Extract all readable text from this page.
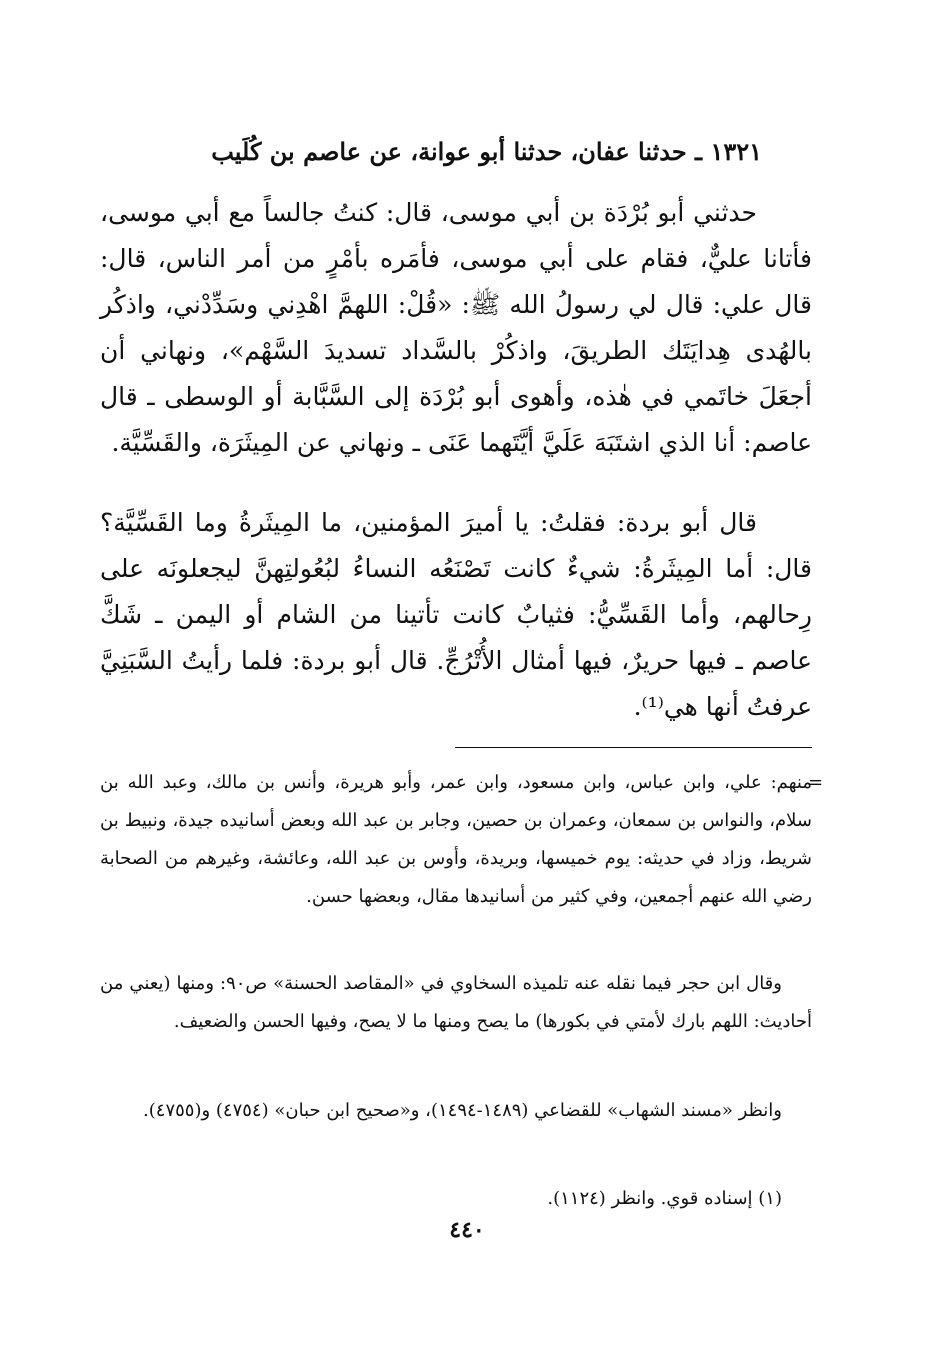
١٣٢١ ـ حدثنا عفان، حدثنا أبو عوانة، عن عاصم بن كُلَيب
حدثني أبو بُرْدَة بن أبي موسى، قال: كنتُ جالساً مع أبي موسى، فأتانا عليٌّ، فقام على أبي موسى، فأمَره بأمْرٍ من أمر الناس، قال: قال علي: قال لي رسولُ الله ﷺ: «قُلْ: اللهمَّ اهْدِني وسَدِّدْني، واذكُر بالهُدى هِدايَتَك الطريقَ، واذكُرْ بالسَّداد تسديدَ السَّهْم»، ونهاني أن أجعَلَ خاتَمي في هٰذه، وأهوى أبو بُرْدَة إلى السَّبَّابة أو الوسطى ـ قال عاصم: أنا الذي اشتَبَهَ عَلَيَّ أيَّتَهما عَنَى ـ ونهاني عن المِيثَرَة، والقَسِّيَّة.
قال أبو بردة: فقلتُ: يا أميرَ المؤمنين، ما المِيثَرةُ وما القَسِّيَّة؟ قال: أما المِيثَرةُ: شيءٌ كانت تَصْنَعُه النساءُ لبُعُولتِهنَّ ليجعلونَه على رِحالهم، وأما القَسِّيُّ: فثيابٌ كانت تأتينا من الشام أو اليمن ـ شَكَّ عاصم ـ فيها حريرٌ، فيها أمثال الأُتْرُجِّ. قال أبو بردة: فلما رأيتُ السَّبَنِيَّ عرفتُ أنها هي⁽¹⁾.
=
منهم: علي، وابن عباس، وابن مسعود، وابن عمر، وأبو هريرة، وأنس بن مالك، وعبد الله بن سلام، والنواس بن سمعان، وعمران بن حصين، وجابر بن عبد الله وبعض أسانيده جيدة، ونبيط بن شريط، وزاد في حديثه: يوم خميسها، وبريدة، وأوس بن عبد الله، وعائشة، وغيرهم من الصحابة رضي الله عنهم أجمعين، وفي كثير من أسانيدها مقال، وبعضها حسن.
وقال ابن حجر فيما نقله عنه تلميذه السخاوي في «المقاصد الحسنة» ص٩٠: ومنها (يعني من أحاديث: اللهم بارك لأمتي في بكورها) ما يصح ومنها ما لا يصح، وفيها الحسن والضعيف.
وانظر «مسند الشهاب» للقضاعي (١٤٨٩-١٤٩٤)، و«صحيح ابن حبان» (٤٧٥٤) و(٤٧٥٥).
(١) إسناده قوي. وانظر (١١٢٤).
٤٤٠
